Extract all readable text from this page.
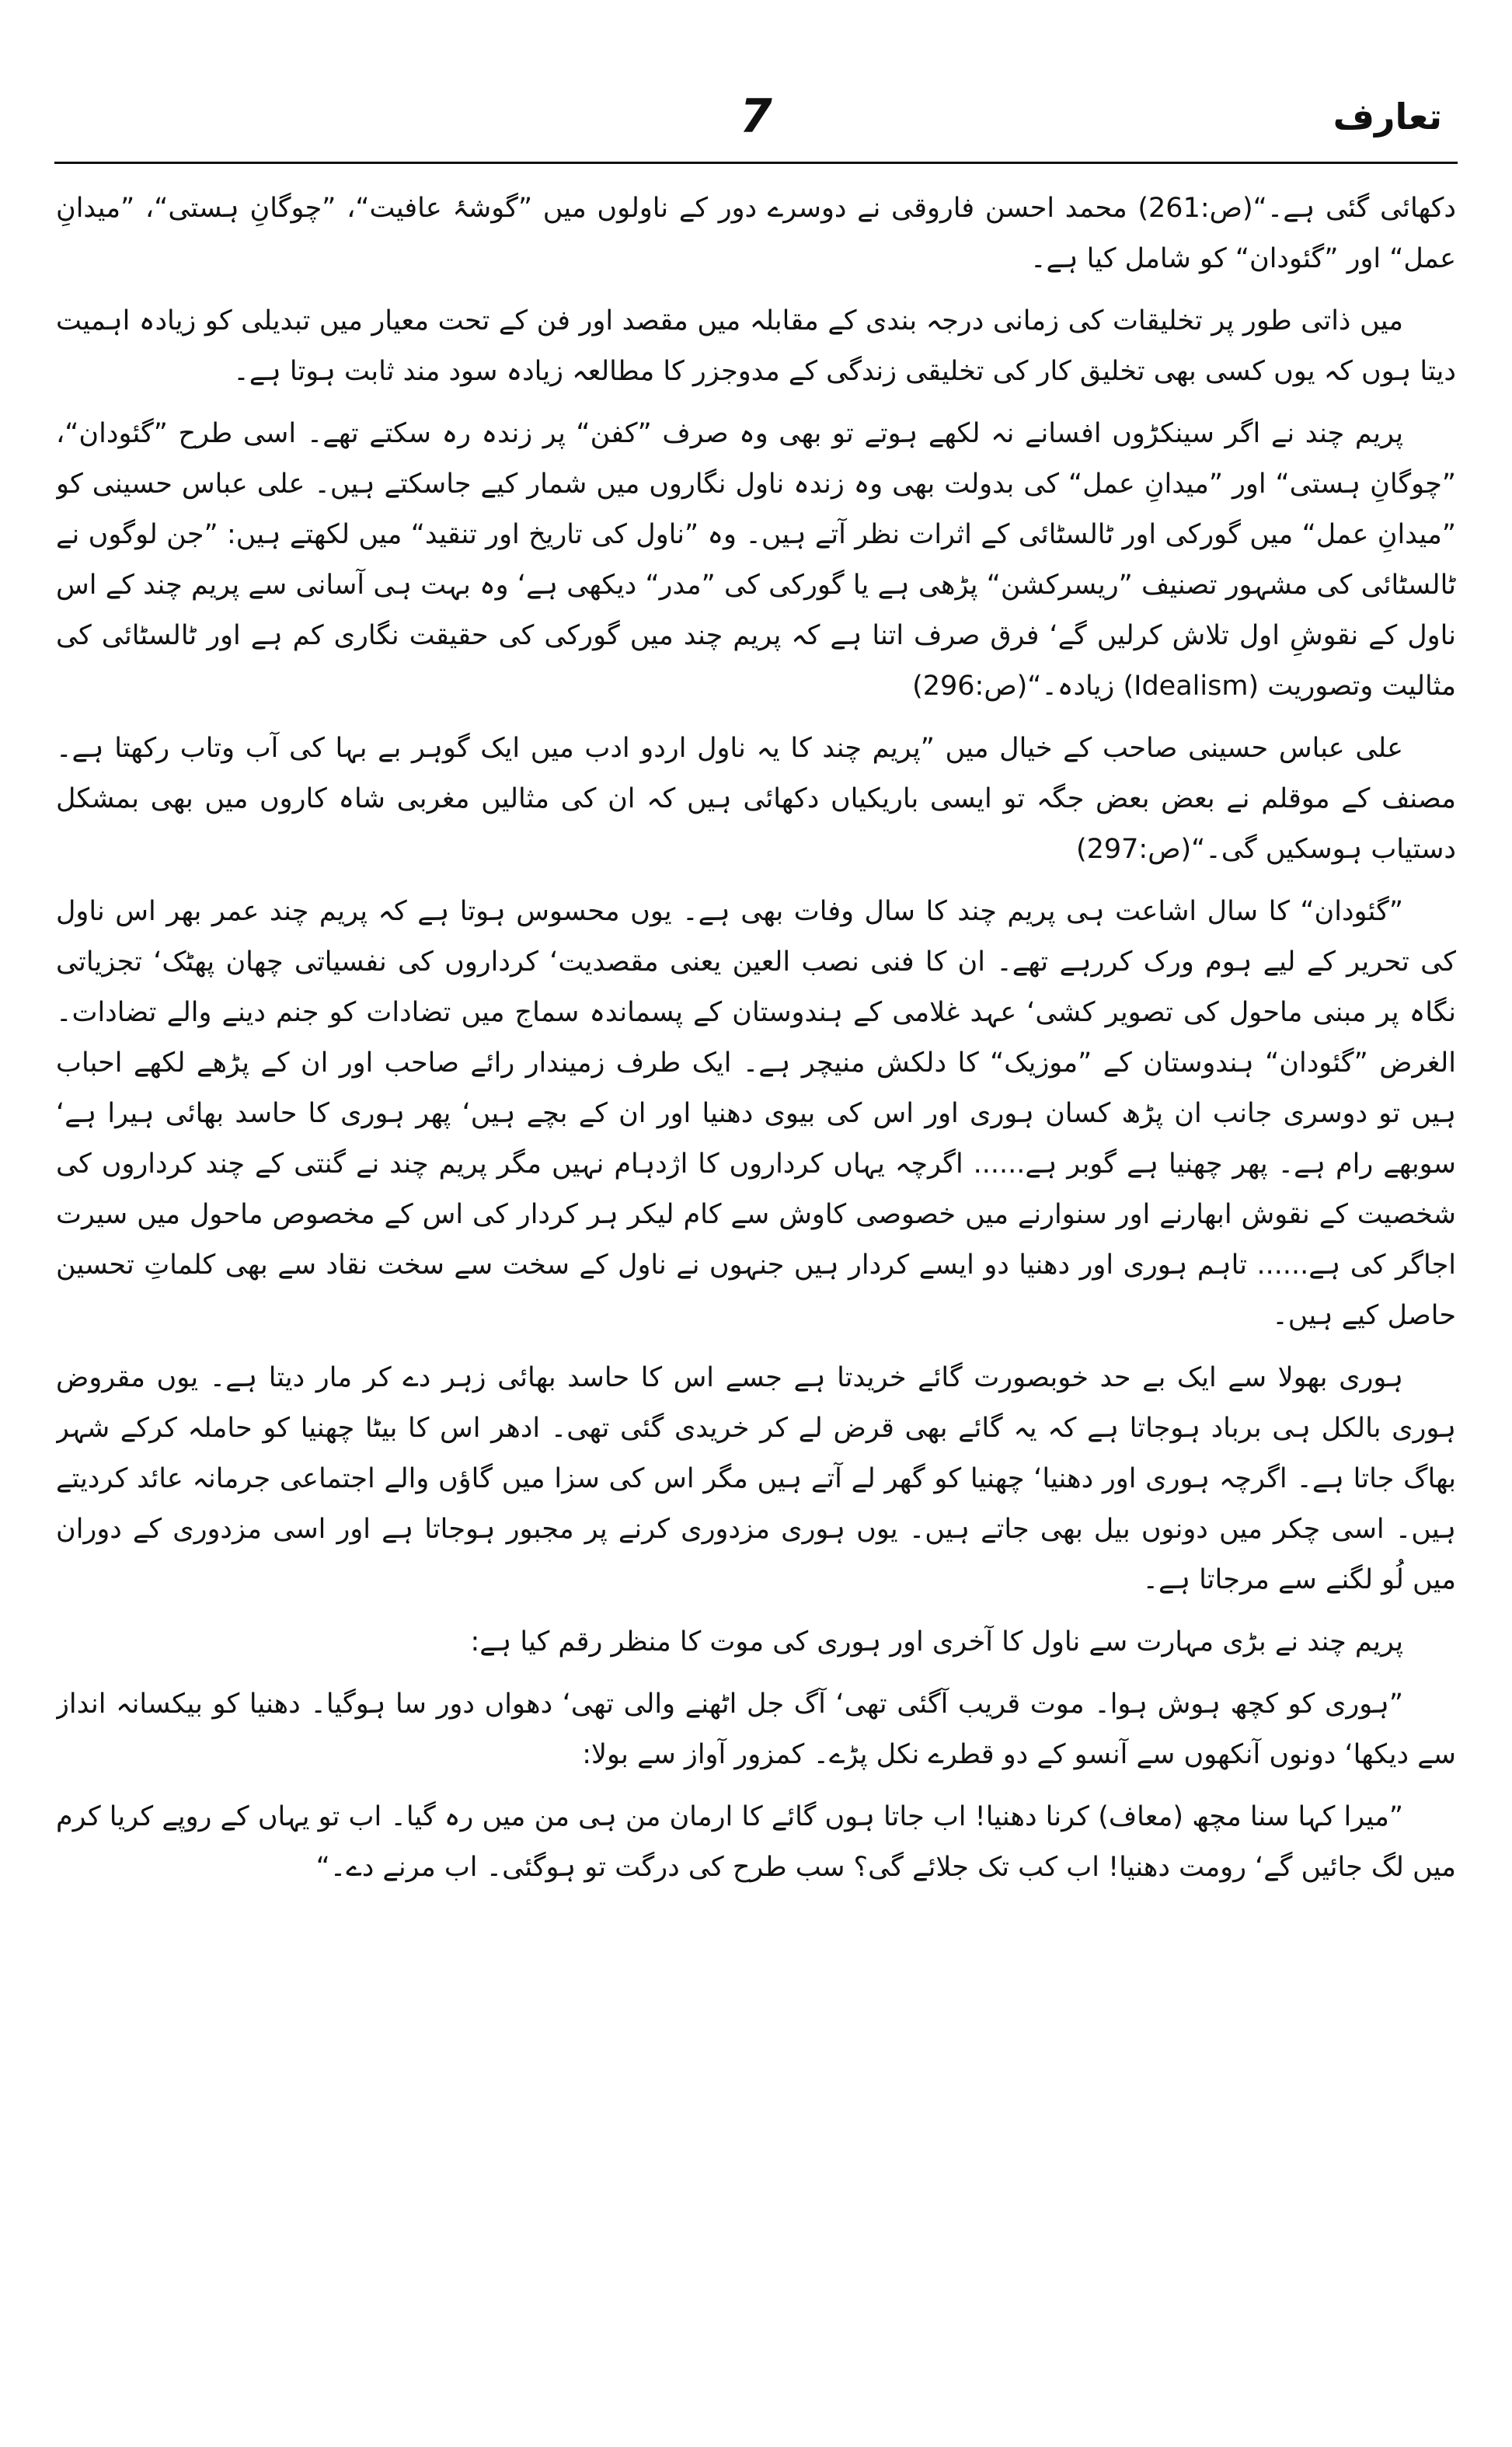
7	تعارف

دکھائی گئی ہے۔“(ص:261) محمد احسن فاروقی نے دوسرے دور کے ناولوں میں ”گوشۂ عافیت“، ”چوگانِ ہستی“، ”میدانِ عمل“ اور ”گئودان“ کو شامل کیا ہے۔

میں ذاتی طور پر تخلیقات کی زمانی درجہ بندی کے مقابلہ میں مقصد اور فن کے تحت معیار میں تبدیلی کو زیادہ اہمیت دیتا ہوں کہ یوں کسی بھی تخلیق کار کی تخلیقی زندگی کے مدوجزر کا مطالعہ زیادہ سود مند ثابت ہوتا ہے۔

پریم چند نے اگر سینکڑوں افسانے نہ لکھے ہوتے تو بھی وہ صرف ”کفن“ پر زندہ رہ سکتے تھے۔ اسی طرح ”گئودان“، ”چوگانِ ہستی“ اور ”میدانِ عمل“ کی بدولت بھی وہ زندہ ناول نگاروں میں شمار کیے جاسکتے ہیں۔ علی عباس حسینی کو ”میدانِ عمل“ میں گورکی اور ٹالسٹائی کے اثرات نظر آتے ہیں۔ وہ ”ناول کی تاریخ اور تنقید“ میں لکھتے ہیں: ”جن لوگوں نے ٹالسٹائی کی مشہور تصنیف ”ریسرکشن“ پڑھی ہے یا گورکی کی ”مدر“ دیکھی ہے‘ وہ بہت ہی آسانی سے پریم چند کے اس ناول کے نقوشِ اول تلاش کرلیں گے‘ فرق صرف اتنا ہے کہ پریم چند میں گورکی کی حقیقت نگاری کم ہے اور ٹالسٹائی کی مثالیت وتصوریت (Idealism) زیادہ۔“(ص:296)

علی عباس حسینی صاحب کے خیال میں ”پریم چند کا یہ ناول اردو ادب میں ایک گوہر بے بہا کی آب وتاب رکھتا ہے۔ مصنف کے موقلم نے بعض بعض جگہ تو ایسی باریکیاں دکھائی ہیں کہ ان کی مثالیں مغربی شاہ کاروں میں بھی بمشکل دستیاب ہوسکیں گی۔“(ص:297)

”گئودان“ کا سال اشاعت ہی پریم چند کا سال وفات بھی ہے۔ یوں محسوس ہوتا ہے کہ پریم چند عمر بھر اس ناول کی تحریر کے لیے ہوم ورک کررہے تھے۔ ان کا فنی نصب العین یعنی مقصدیت‘ کرداروں کی نفسیاتی چھان پھٹک‘ تجزیاتی نگاہ پر مبنی ماحول کی تصویر کشی‘ عہد غلامی کے ہندوستان کے پسماندہ سماج میں تضادات کو جنم دینے والے تضادات۔ الغرض ”گئودان“ ہندوستان کے ”موزیک“ کا دلکش منیچر ہے۔ ایک طرف زمیندار رائے صاحب اور ان کے پڑھے لکھے احباب ہیں تو دوسری جانب ان پڑھ کسان ہوری اور اس کی بیوی دھنیا اور ان کے بچے ہیں‘ پھر ہوری کا حاسد بھائی ہیرا ہے‘ سوبھے رام ہے۔ پھر چھنیا ہے گوبر ہے...... اگرچہ یہاں کرداروں کا اژدہام نہیں مگر پریم چند نے گنتی کے چند کرداروں کی شخصیت کے نقوش ابھارنے اور سنوارنے میں خصوصی کاوش سے کام لیکر ہر کردار کی اس کے مخصوص ماحول میں سیرت اجاگر کی ہے...... تاہم ہوری اور دھنیا دو ایسے کردار ہیں جنہوں نے ناول کے سخت سے سخت نقاد سے بھی کلماتِ تحسین حاصل کیے ہیں۔

ہوری بھولا سے ایک بے حد خوبصورت گائے خریدتا ہے جسے اس کا حاسد بھائی زہر دے کر مار دیتا ہے۔ یوں مقروض ہوری بالکل ہی برباد ہوجاتا ہے کہ یہ گائے بھی قرض لے کر خریدی گئی تھی۔ ادھر اس کا بیٹا چھنیا کو حاملہ کرکے شہر بھاگ جاتا ہے۔ اگرچہ ہوری اور دھنیا‘ چھنیا کو گھر لے آتے ہیں مگر اس کی سزا میں گاؤں والے اجتماعی جرمانہ عائد کردیتے ہیں۔ اسی چکر میں دونوں بیل بھی جاتے ہیں۔ یوں ہوری مزدوری کرنے پر مجبور ہوجاتا ہے اور اسی مزدوری کے دوران میں لُو لگنے سے مرجاتا ہے۔

پریم چند نے بڑی مہارت سے ناول کا آخری اور ہوری کی موت کا منظر رقم کیا ہے:

”ہوری کو کچھ ہوش ہوا۔ موت قریب آگئی تھی‘ آگ جل اٹھنے والی تھی‘ دھواں دور سا ہوگیا۔ دھنیا کو بیکسانہ انداز سے دیکھا‘ دونوں آنکھوں سے آنسو کے دو قطرے نکل پڑے۔ کمزور آواز سے بولا:

”میرا کہا سنا مچھ (معاف) کرنا دھنیا! اب جاتا ہوں گائے کا ارمان من ہی من میں رہ گیا۔ اب تو یہاں کے روپے کریا کرم میں لگ جائیں گے‘ رومت دھنیا! اب کب تک جلائے گی؟ سب طرح کی درگت تو ہوگئی۔ اب مرنے دے۔“
